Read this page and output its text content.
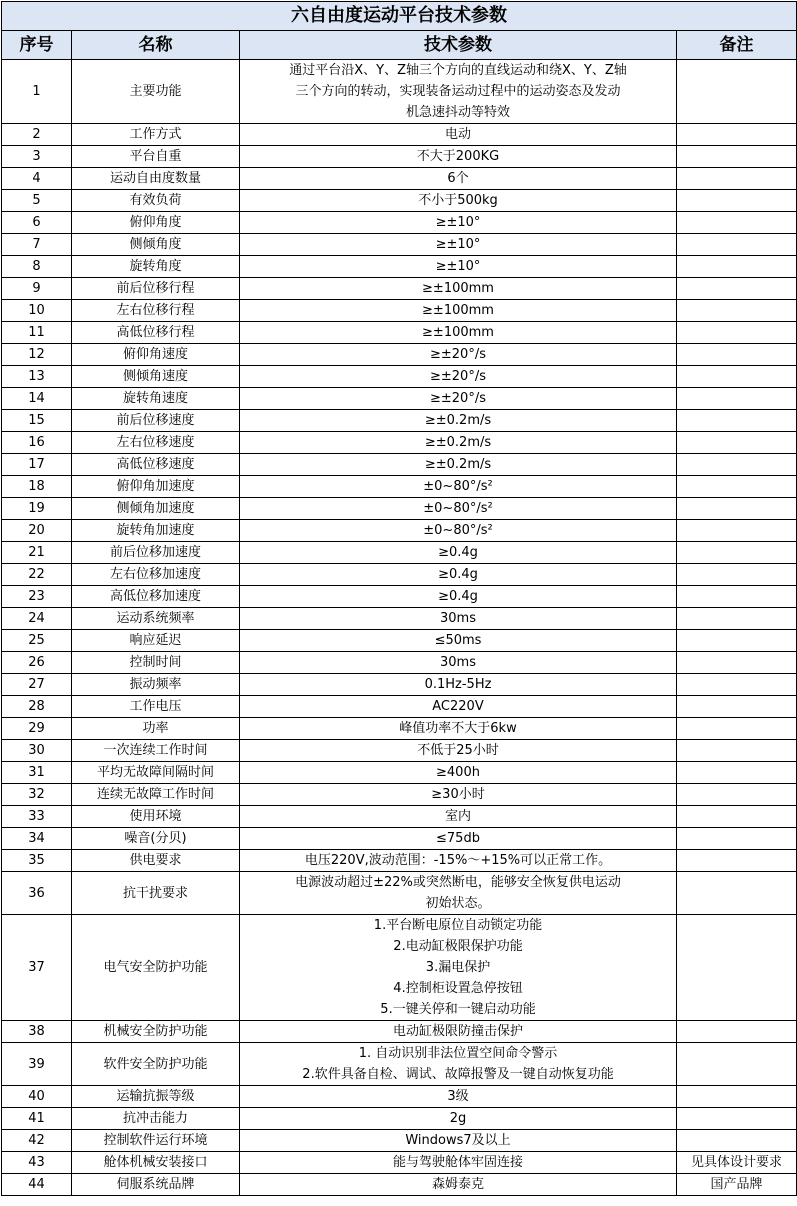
六自由度运动平台技术参数			
序号	名称	技术参数	备注
1	主要功能	通过平台沿X、Y、Z轴三个方向的直线运动和绕X、Y、Z轴
三个方向的转动，实现装备运动过程中的运动姿态及发动
机急速抖动等特效	

2	工作方式	电动	

3	平台自重	不大于200KG	

4	运动自由度数量	6个	

5	有效负荷	不小于500kg	

6	俯仰角度	≥±10°	

7	侧倾角度	≥±10°	

8	旋转角度	≥±10°	

9	前后位移行程	≥±100mm	

10	左右位移行程	≥±100mm	

11	高低位移行程	≥±100mm	

12	俯仰角速度	≥±20°/s	

13	侧倾角速度	≥±20°/s	

14	旋转角速度	≥±20°/s	

15	前后位移速度	≥±0.2m/s	

16	左右位移速度	≥±0.2m/s	

17	高低位移速度	≥±0.2m/s	

18	俯仰角加速度	±0~80°/s²	

19	侧倾角加速度	±0~80°/s²	

20	旋转角加速度	±0~80°/s²	

21	前后位移加速度	≥0.4g	

22	左右位移加速度	≥0.4g	

23	高低位移加速度	≥0.4g	

24	运动系统频率	30ms	

25	响应延迟	≤50ms	

26	控制时间	30ms	

27	振动频率	0.1Hz-5Hz	

28	工作电压	AC220V	

29	功率	峰值功率不大于6kw	

30	一次连续工作时间	不低于25小时	

31	平均无故障间隔时间	≥400h	

32	连续无故障工作时间	≥30小时	

33	使用环境	室内	

34	噪音(分贝)	≤75db	

35	供电要求	电压220V,波动范围：-15%～+15%可以正常工作。	

36	抗干扰要求	电源波动超过±22%或突然断电，能够安全恢复供电运动
初始状态。	

37	电气安全防护功能	1.平台断电原位自动锁定功能
2.电动缸极限保护功能
3.漏电保护
4.控制柜设置急停按钮
5.一键关停和一键启动功能	

38	机械安全防护功能	电动缸极限防撞击保护	

39	软件安全防护功能	1. 自动识别非法位置空间命令警示
2.软件具备自检、调试、故障报警及一键自动恢复功能	

40	运输抗振等级	3级	

41	抗冲击能力	2g	

42	控制软件运行环境	Windows7及以上	

43	舱体机械安装接口	能与驾驶舱体牢固连接	见具体设计要求
44	伺服系统品牌	森姆泰克	国产品牌
